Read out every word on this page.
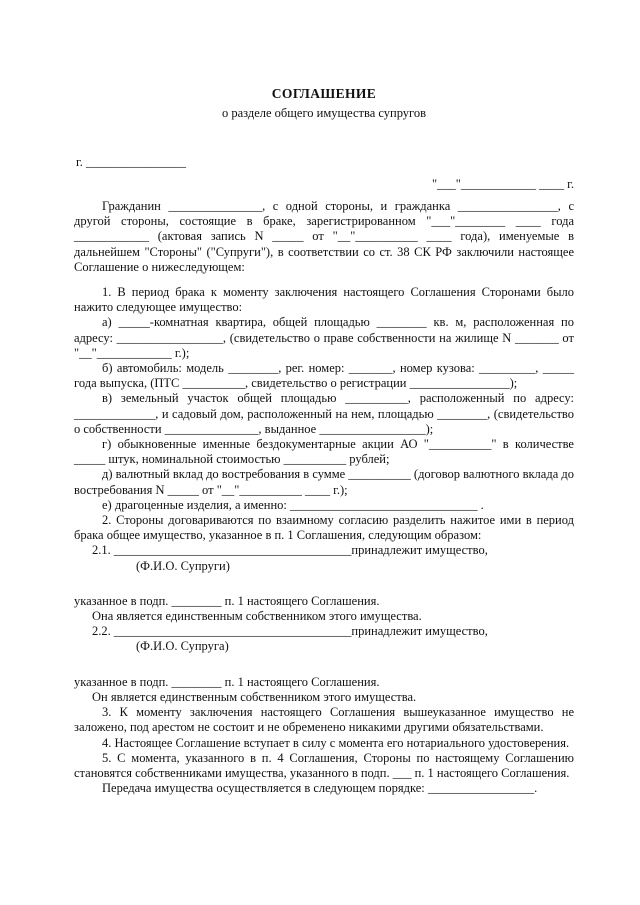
СОГЛАШЕНИЕ
о разделе общего имущества супругов
г. ________________
"___"____________ ____ г.

Гражданин _______________, с одной стороны, и гражданка ________________, с другой стороны, состоящие в браке, зарегистрированном "___"________ ____ года ____________ (актовая запись N _____ от "__"__________ ____ года), именуемые в дальнейшем "Стороны" ("Супруги"), в соответствии со ст. 38 СК РФ заключили настоящее Соглашение о нижеследующем:

1. В период брака к моменту заключения настоящего Соглашения Сторонами было нажито следующее имущество:

а) _____-комнатная квартира, общей площадью ________ кв. м, расположенная по адресу: _________________, (свидетельство о праве собственности на жилище N _______ от "__"____________ г.);

б) автомобиль: модель ________, рег. номер: _______, номер кузова: _________, _____ года выпуска, (ПТС __________, свидетельство о регистрации ________________);

в) земельный участок общей площадью __________, расположенный по адресу: _____________, и садовый дом, расположенный на нем, площадью ________, (свидетельство о собственности _______________, выданное _________________);

г) обыкновенные именные бездокументарные акции АО "__________" в количестве _____ штук, номинальной стоимостью __________ рублей;

д) валютный вклад до востребования в сумме __________ (договор валютного вклада до востребования N _____ от "__"__________ ____ г.);

е) драгоценные изделия, а именно: ______________________________ .

2. Стороны договариваются по взаимному согласию разделить нажитое ими в период брака общее имущество, указанное в п. 1 Соглашения, следующим образом:

2.1. ______________________________________принадлежит имущество,

(Ф.И.О. Супруги)

указанное в подп. ________ п. 1 настоящего Соглашения.

Она является единственным собственником этого имущества.

2.2. ______________________________________принадлежит имущество,

(Ф.И.О. Супруга)

указанное в подп. ________ п. 1 настоящего Соглашения.

Он является единственным собственником этого имущества.

3. К моменту заключения настоящего Соглашения вышеуказанное имущество не заложено, под арестом не состоит и не обременено никакими другими обязательствами.

4. Настоящее Соглашение вступает в силу с момента его нотариального удостоверения.

5. С момента, указанного в п. 4 Соглашения, Стороны по настоящему Соглашению становятся собственниками имущества, указанного в подп. ___ п. 1 настоящего Соглашения.

Передача имущества осуществляется в следующем порядке: _________________.
